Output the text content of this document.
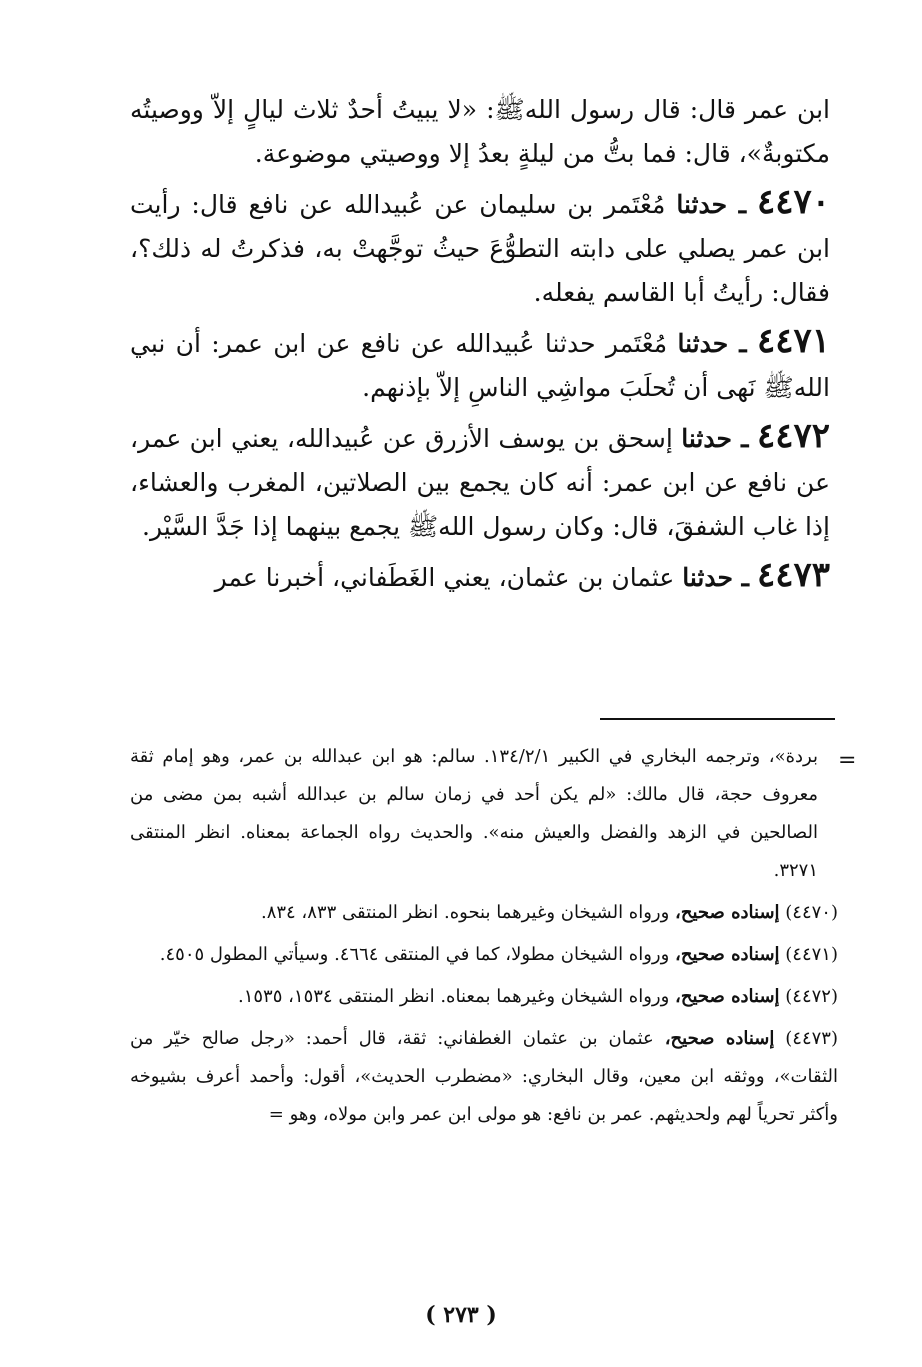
ابن عمر قال: قال رسول اللهﷺ: «لا يبيتُ أحدٌ ثلاث ليالٍ إلاّ ووصيتُه مكتوبةٌ»، قال: فما بتُّ من ليلةٍ بعدُ إلا ووصيتي موضوعة.

٤٤٧٠ ـ حدثنا مُعْتَمر بن سليمان عن عُبيدالله عن نافع قال: رأيت ابن عمر يصلي على دابته التطوُّعَ حيثُ توجَّهتْ به، فذكرتُ له ذلك؟، فقال: رأيتُ أبا القاسم يفعله.

٤٤٧١ ـ حدثنا مُعْتَمر حدثنا عُبيدالله عن نافع عن ابن عمر: أن نبي اللهﷺ نَهى أن تُحلَبَ مواشِي الناسِ إلاّ بإذنهم.

٤٤٧٢ ـ حدثنا إسحق بن يوسف الأزرق عن عُبيدالله، يعني ابن عمر، عن نافع عن ابن عمر: أنه كان يجمع بين الصلاتين، المغرب والعشاء، إذا غاب الشفقَ، قال: وكان رسول اللهﷺ يجمع بينهما إذا جَدَّ السَّيْر.

٤٤٧٣ ـ حدثنا عثمان بن عثمان، يعني الغَطَفاني، أخبرنا عمر

=

بردة»، وترجمه البخاري في الكبير ١٣٤/٢/١. سالم: هو ابن عبدالله بن عمر، وهو إمام ثقة معروف حجة، قال مالك: «لم يكن أحد في زمان سالم بن عبدالله أشبه بمن مضى من الصالحين في الزهد والفضل والعيش منه». والحديث رواه الجماعة بمعناه. انظر المنتقى ٣٢٧١.

(٤٤٧٠) إسناده صحيح، ورواه الشيخان وغيرهما بنحوه. انظر المنتقى ٨٣٣، ٨٣٤.

(٤٤٧١) إسناده صحيح، ورواه الشيخان مطولا، كما في المنتقى ٤٦٦٤. وسيأتي المطول ٤٥٠٥.

(٤٤٧٢) إسناده صحيح، ورواه الشيخان وغيرهما بمعناه. انظر المنتقى ١٥٣٤، ١٥٣٥.

(٤٤٧٣) إسناده صحيح، عثمان بن عثمان الغطفاني: ثقة، قال أحمد: «رجل صالح خيّر من الثقات»، ووثقه ابن معين، وقال البخاري: «مضطرب الحديث»، أقول: وأحمد أعرف بشيوخه وأكثر تحرياً لهم ولحديثهم. عمر بن نافع: هو مولى ابن عمر وابن مولاه، وهو =

( ٢٧٣ )
